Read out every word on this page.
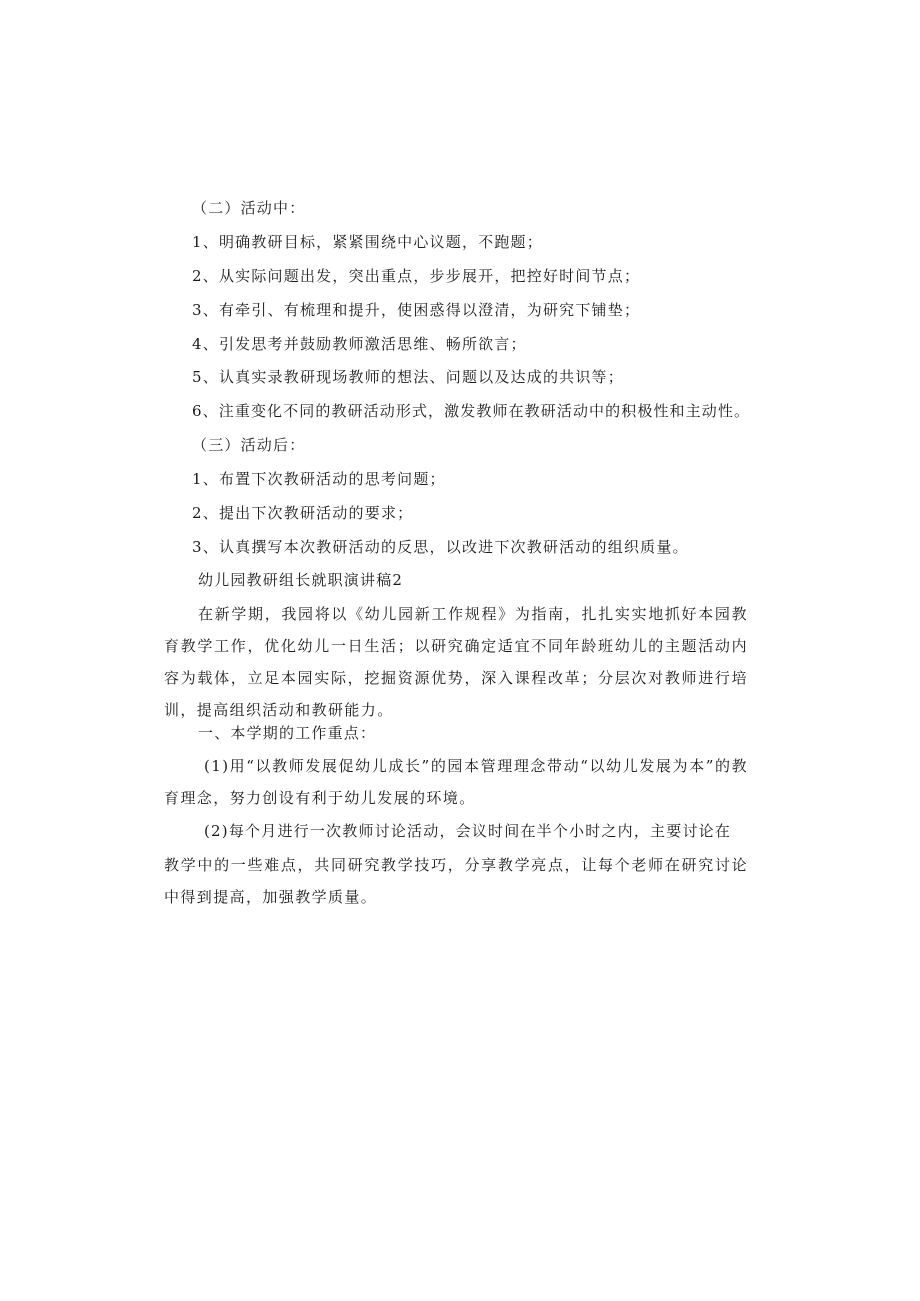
（二）活动中：
1、明确教研目标，紧紧围绕中心议题，不跑题；
2、从实际问题出发，突出重点，步步展开，把控好时间节点；
3、有牵引、有梳理和提升，使困惑得以澄清，为研究下铺垫；
4、引发思考并鼓励教师激活思维、畅所欲言；
5、认真实录教研现场教师的想法、问题以及达成的共识等；
6、注重变化不同的教研活动形式，激发教师在教研活动中的积极性和主动性。
（三）活动后：
1、布置下次教研活动的思考问题；
2、提出下次教研活动的要求；
3、认真撰写本次教研活动的反思，以改进下次教研活动的组织质量。
幼儿园教研组长就职演讲稿2
在新学期，我园将以《幼儿园新工作规程》为指南，扎扎实实地抓好本园教育教学工作，优化幼儿一日生活；以研究确定适宜不同年龄班幼儿的主题活动内容为载体，立足本园实际，挖掘资源优势，深入课程改革；分层次对教师进行培训，提高组织活动和教研能力。
一、本学期的工作重点：
(1)用“以教师发展促幼儿成长”的园本管理理念带动“以幼儿发展为本”的教育理念，努力创设有利于幼儿发展的环境。
(2)每个月进行一次教师讨论活动，会议时间在半个小时之内，主要讨论在
教学中的一些难点，共同研究教学技巧，分享教学亮点，让每个老师在研究讨论中得到提高，加强教学质量。
